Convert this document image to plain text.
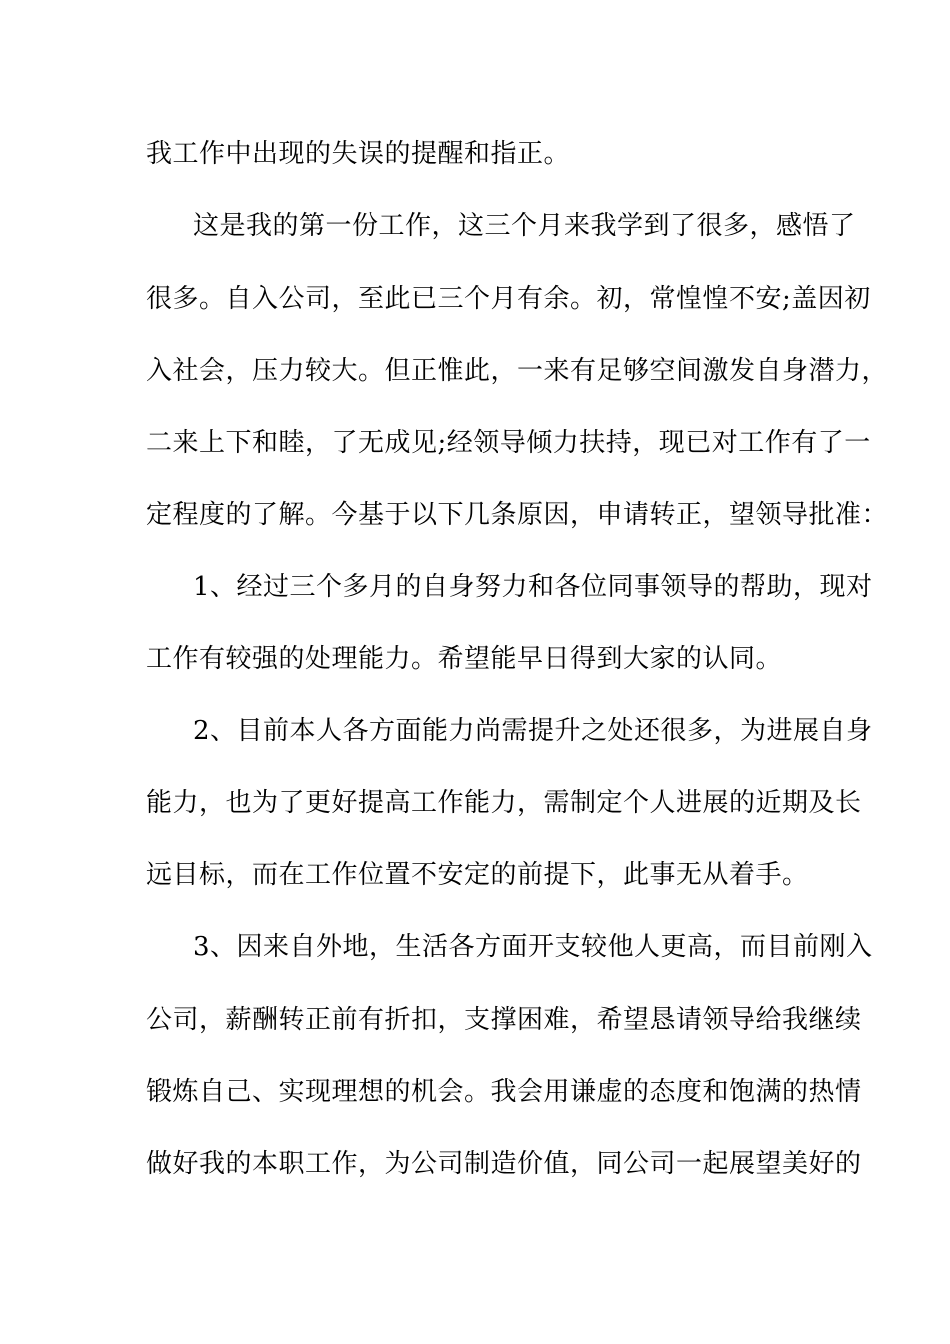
我工作中出现的失误的提醒和指正。
这是我的第一份工作，这三个月来我学到了很多，感悟了
很多。自入公司，至此已三个月有余。初，常惶惶不安;盖因初
入社会，压力较大。但正惟此，一来有足够空间激发自身潜力，
二来上下和睦，了无成见;经领导倾力扶持，现已对工作有了一
定程度的了解。今基于以下几条原因，申请转正，望领导批准：
1、经过三个多月的自身努力和各位同事领导的帮助，现对
工作有较强的处理能力。希望能早日得到大家的认同。
2、目前本人各方面能力尚需提升之处还很多，为进展自身
能力，也为了更好提高工作能力，需制定个人进展的近期及长
远目标，而在工作位置不安定的前提下，此事无从着手。
3、因来自外地，生活各方面开支较他人更高，而目前刚入
公司，薪酬转正前有折扣，支撑困难，希望恳请领导给我继续
锻炼自己、实现理想的机会。我会用谦虚的态度和饱满的热情
做好我的本职工作，为公司制造价值，同公司一起展望美好的
